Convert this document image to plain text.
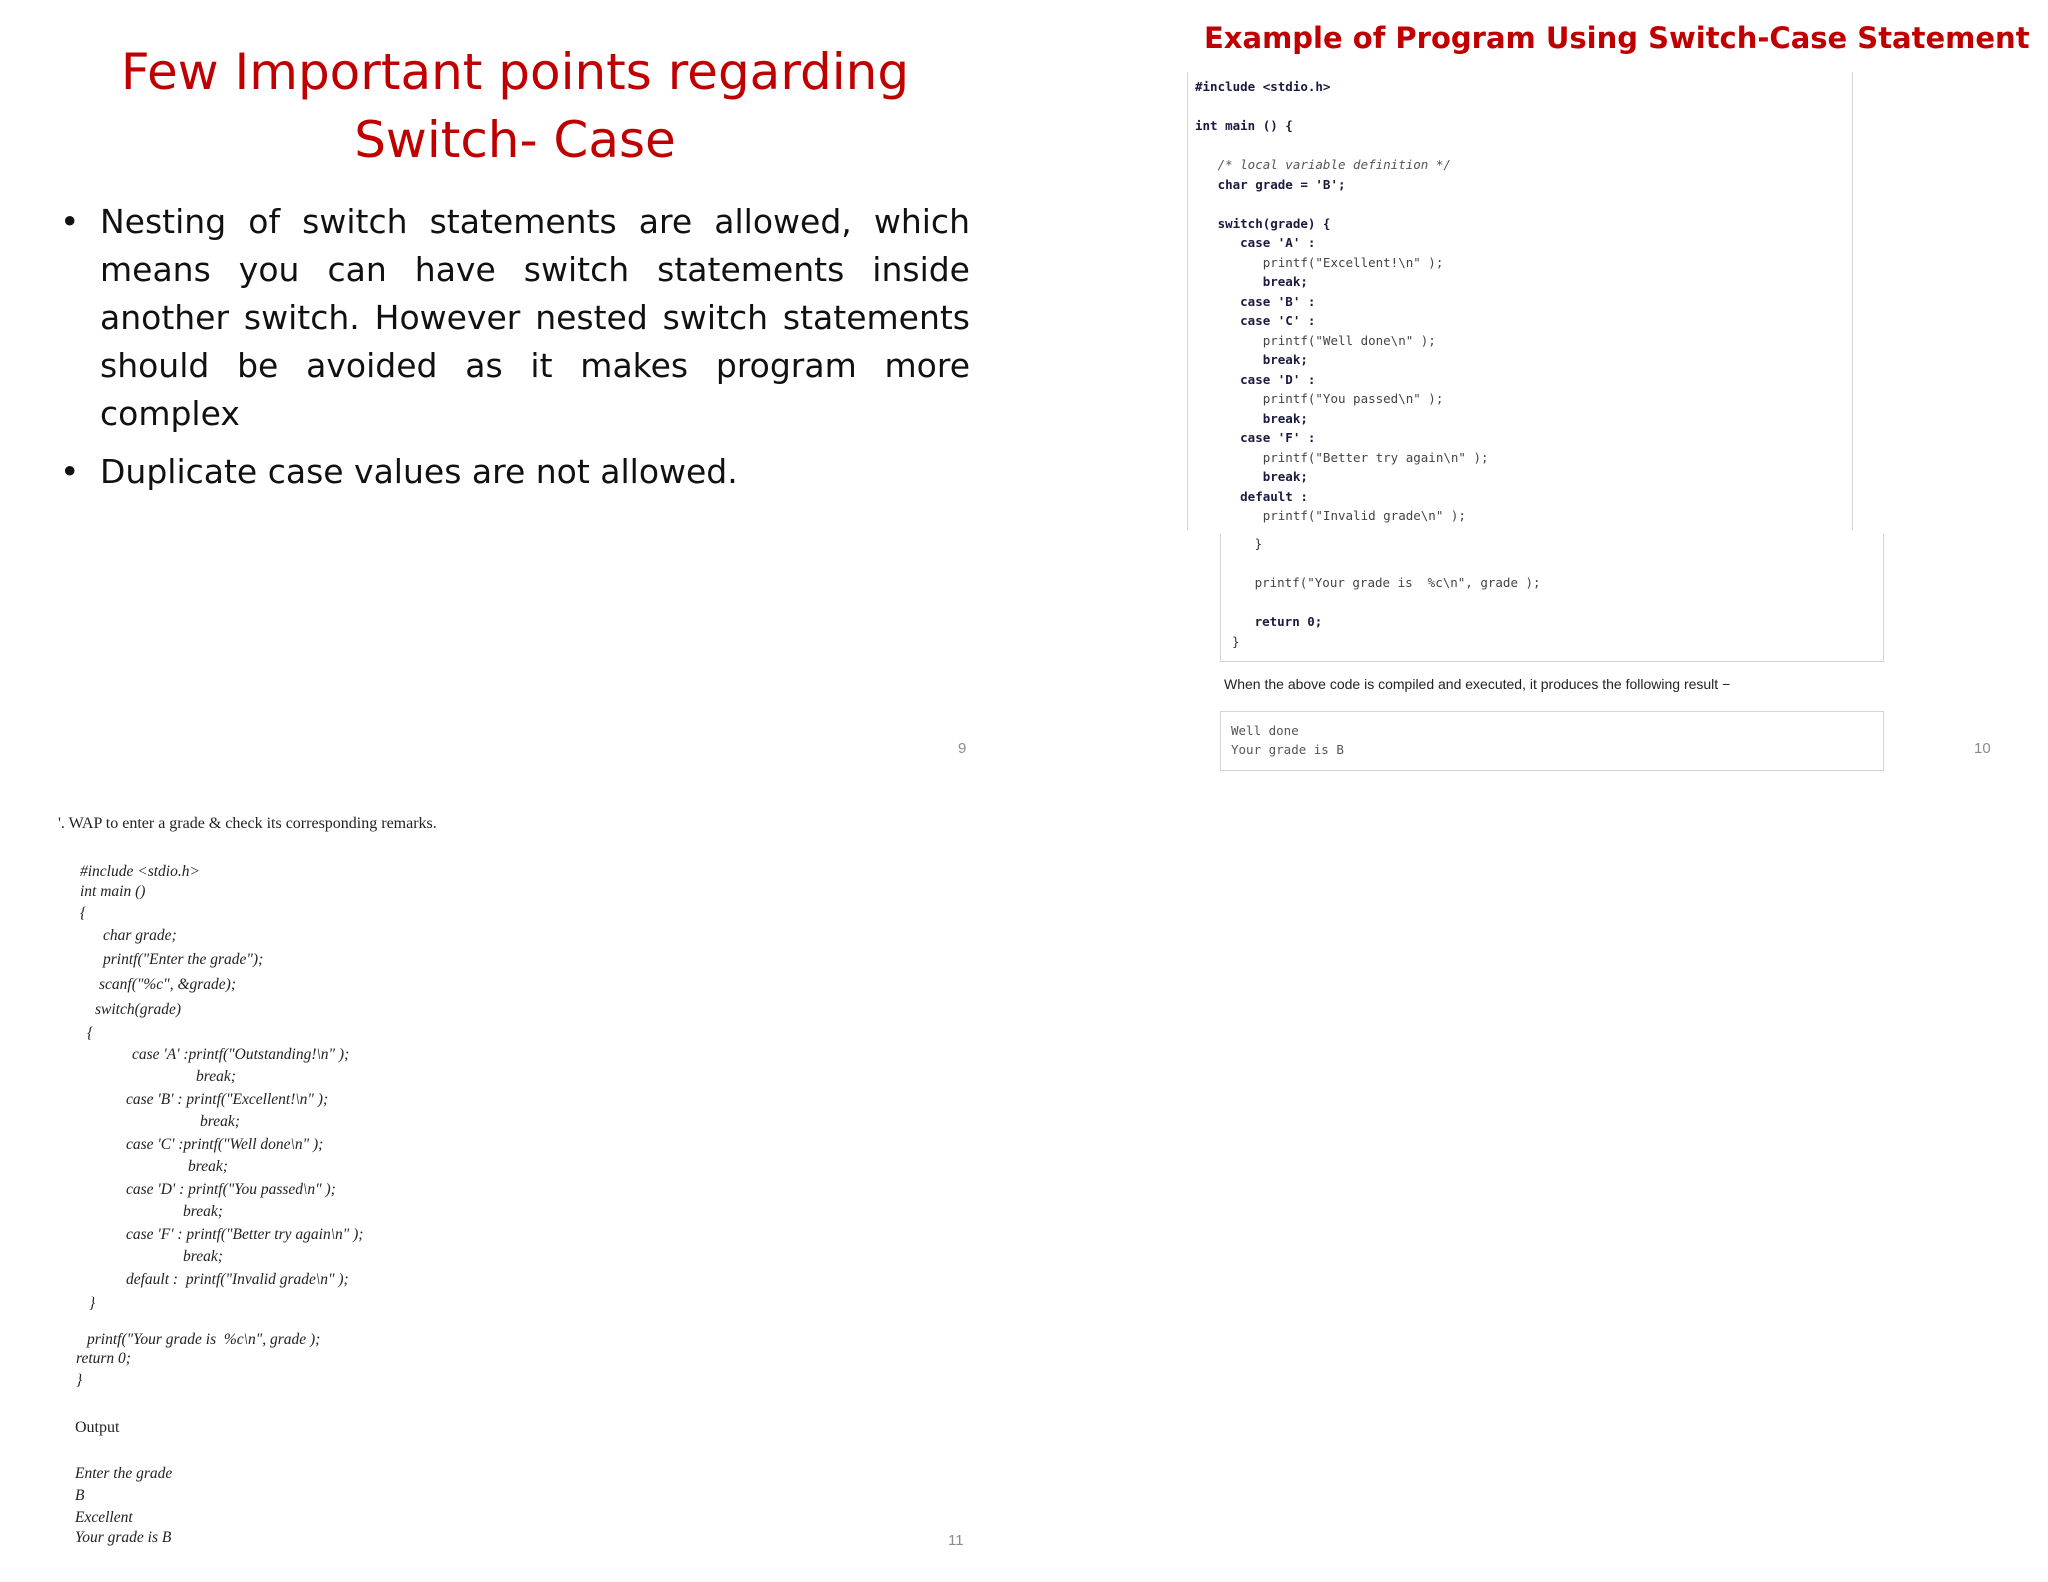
Few Important points regarding
Switch- Case
• Nesting of switch statements are allowed, which means you can have switch statements inside another switch. However nested switch statements should be avoided as it makes program more complex
• Duplicate case values are not allowed.
9
Example of Program Using Switch-Case Statement
#include <stdio.h>

int main () {

/* local variable definition */
char grade = 'B';

switch(grade) {
case 'A' :
printf("Excellent!\n" );
break;
case 'B' :
case 'C' :
printf("Well done\n" );
break;
case 'D' :
printf("You passed\n" );
break;
case 'F' :
printf("Better try again\n" );
break;
default :
printf("Invalid grade\n" );
}

printf("Your grade is  %c\n", grade );

return 0;
}
When the above code is compiled and executed, it produces the following result −
Well done
Your grade is B	10
'. WAP to enter a grade & check its corresponding remarks.
#include <stdio.h>
int main ()
{
char grade;
printf("Enter the grade");
scanf("%c", &grade);
switch(grade)
{
case 'A' :printf("Outstanding!\n" );
break;
case 'B' : printf("Excellent!\n" );
break;
case 'C' :printf("Well done\n" );
break;
case 'D' : printf("You passed\n" );
break;
case 'F' : printf("Better try again\n" );
break;
default :  printf("Invalid grade\n" );
}
printf("Your grade is  %c\n", grade );
return 0;
}
Output
Enter the grade
B
Excellent
Your grade is B	11
